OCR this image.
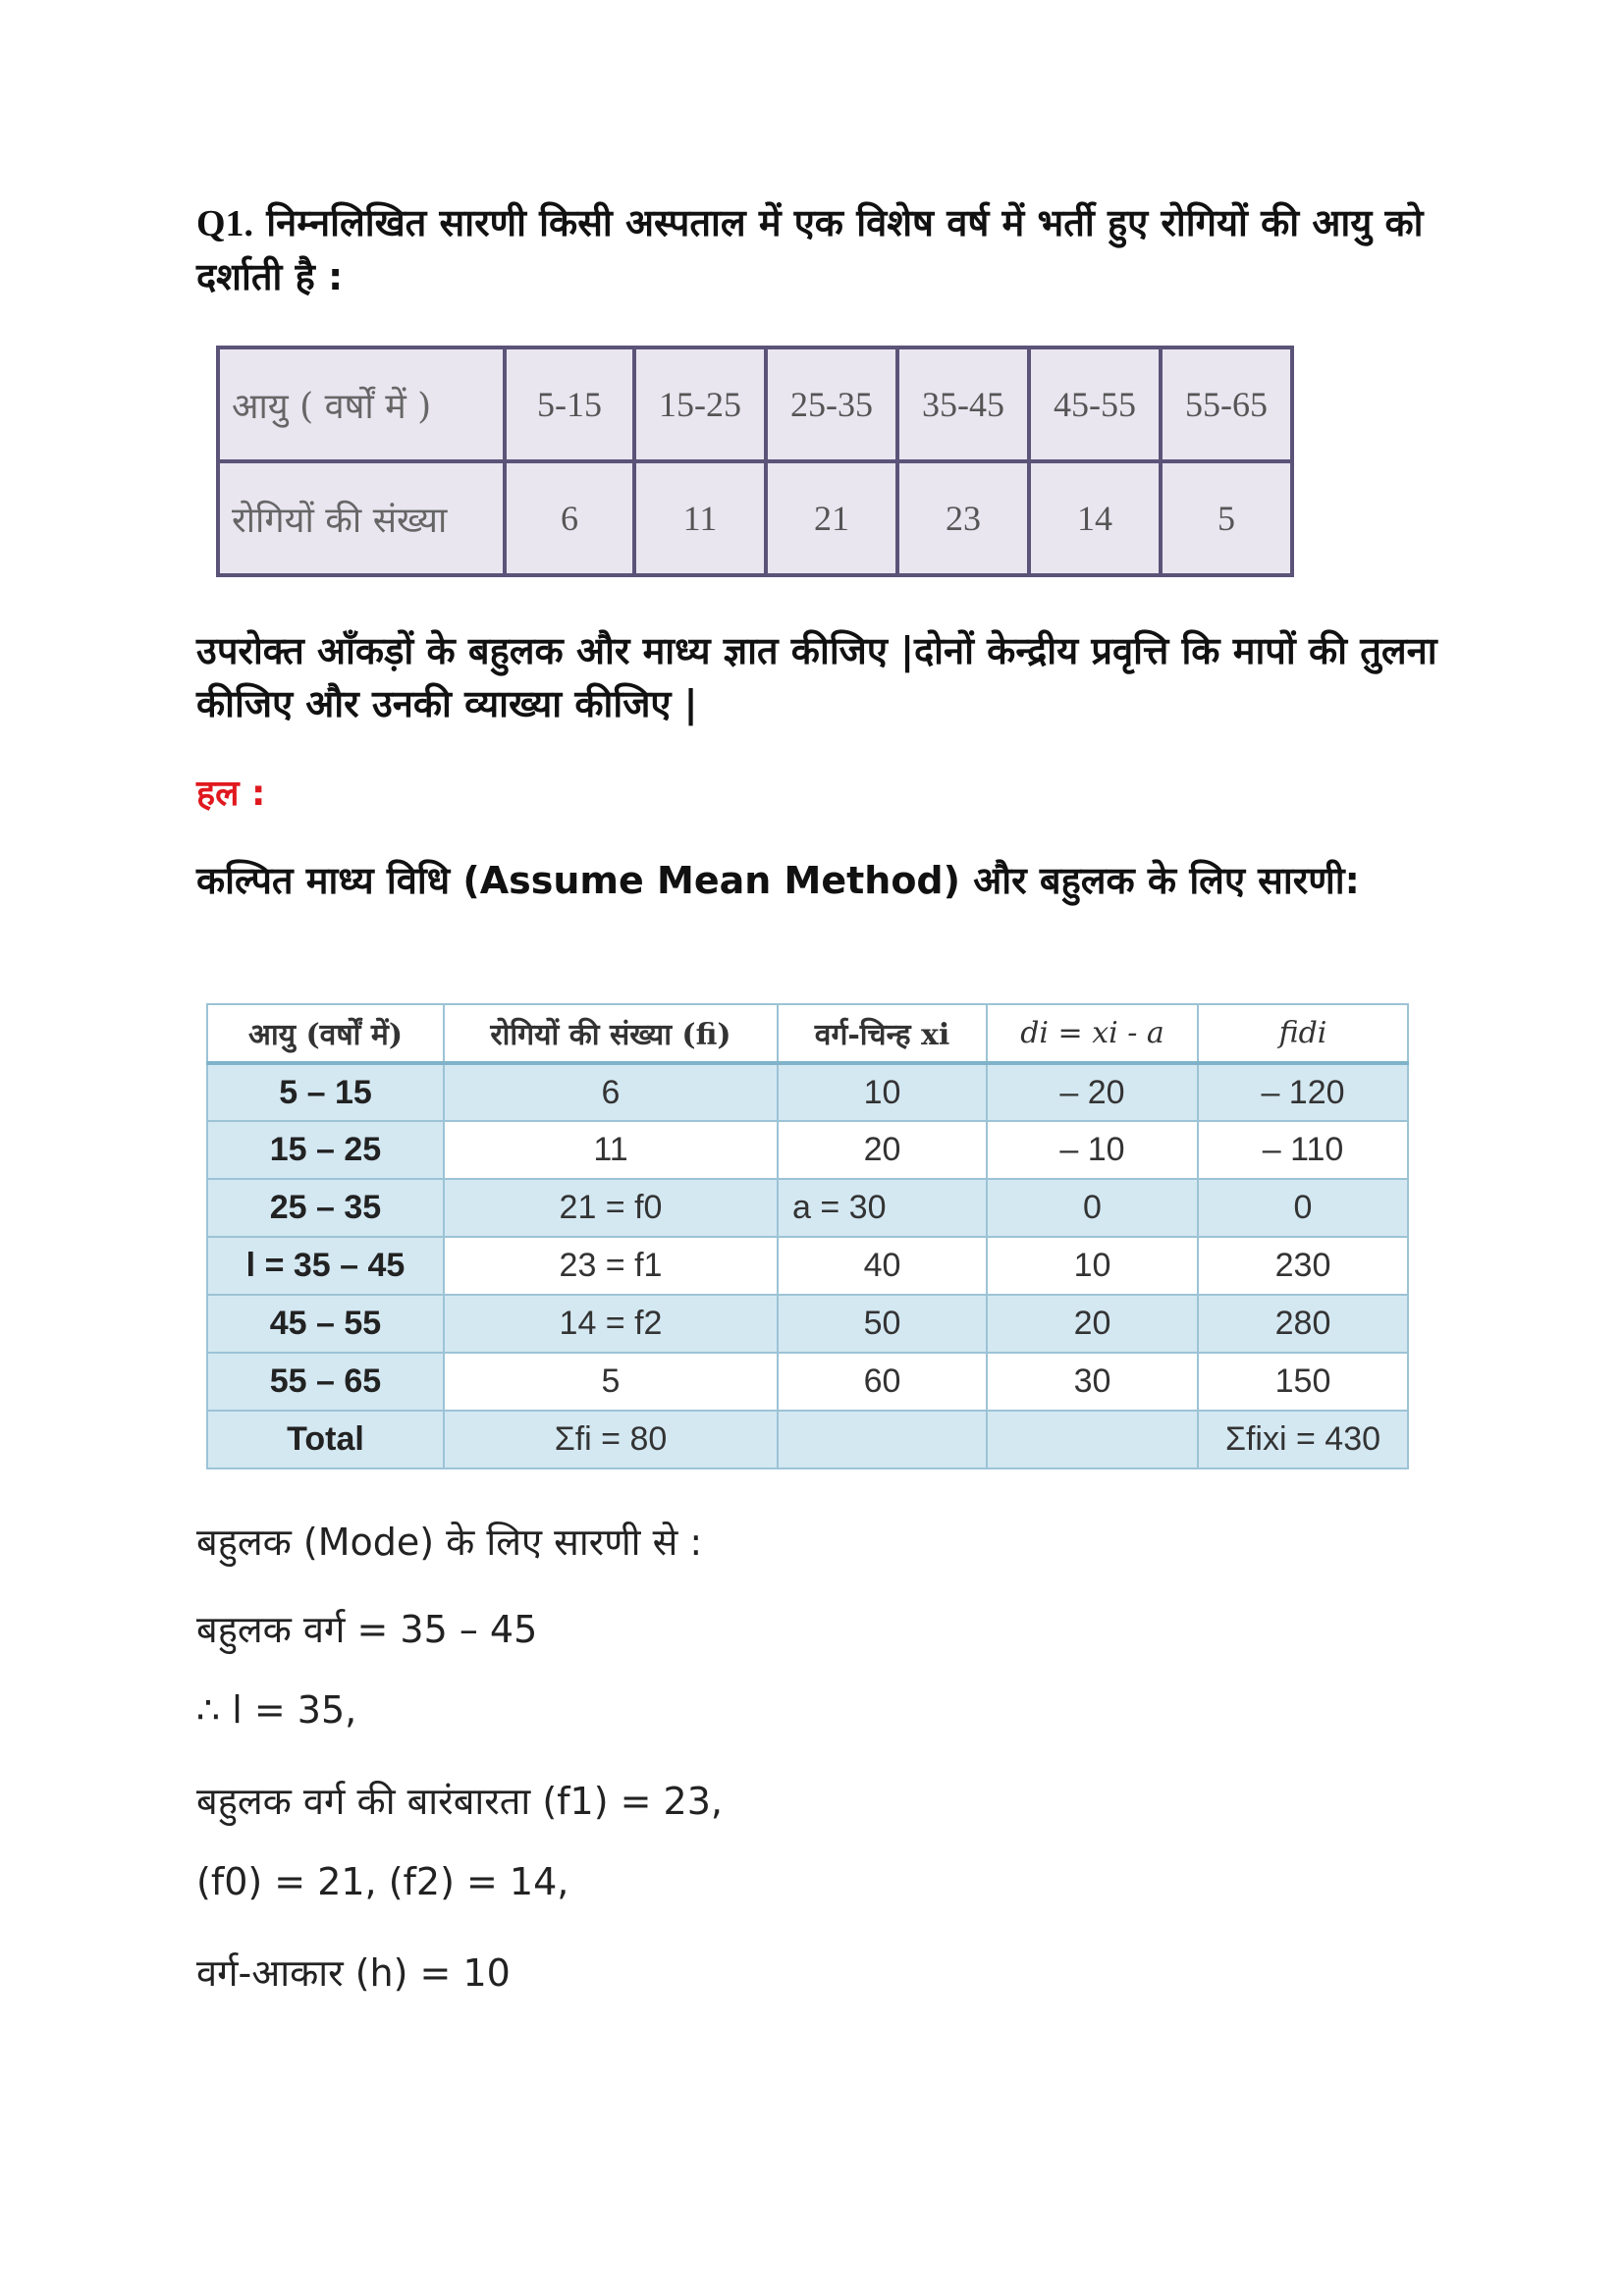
Q1. निम्नलिखित सारणी किसी अस्पताल में एक विशेष वर्ष में भर्ती हुए रोगियों की आयु को दर्शाती है :
आयु ( वर्षों में )	5-15	15-25	25-35	35-45	45-55	55-65
रोगियों की संख्या	6	11	21	23	14	5
उपरोक्त आँकड़ों के बहुलक और माध्य ज्ञात कीजिए |दोनों केन्द्रीय प्रवृत्ति कि मापों की तुलना कीजिए और उनकी व्याख्या कीजिए |
हल :
कल्पित माध्य विधि (Assume Mean Method) और बहुलक के लिए सारणी:
आयु (वर्षों में)	रोगियों की संख्या (fi)	वर्ग-चिन्ह xi	di = xi - a	fidi
5 – 15	6	10	– 20	– 120
15 – 25	11	20	– 10	– 110
25 – 35	21 = f0	a = 30	0	0
l = 35 – 45	23 = f1	40	10	230
45 – 55	14 = f2	50	20	280
55 – 65	5	60	30	150
Total	Σfi = 80			Σfixi = 430
बहुलक (Mode) के लिए सारणी से :
बहुलक वर्ग = 35 – 45
∴ l = 35,
बहुलक वर्ग की बारंबारता (f1) = 23,
(f0) = 21, (f2) = 14,
वर्ग-आकार (h) = 10
